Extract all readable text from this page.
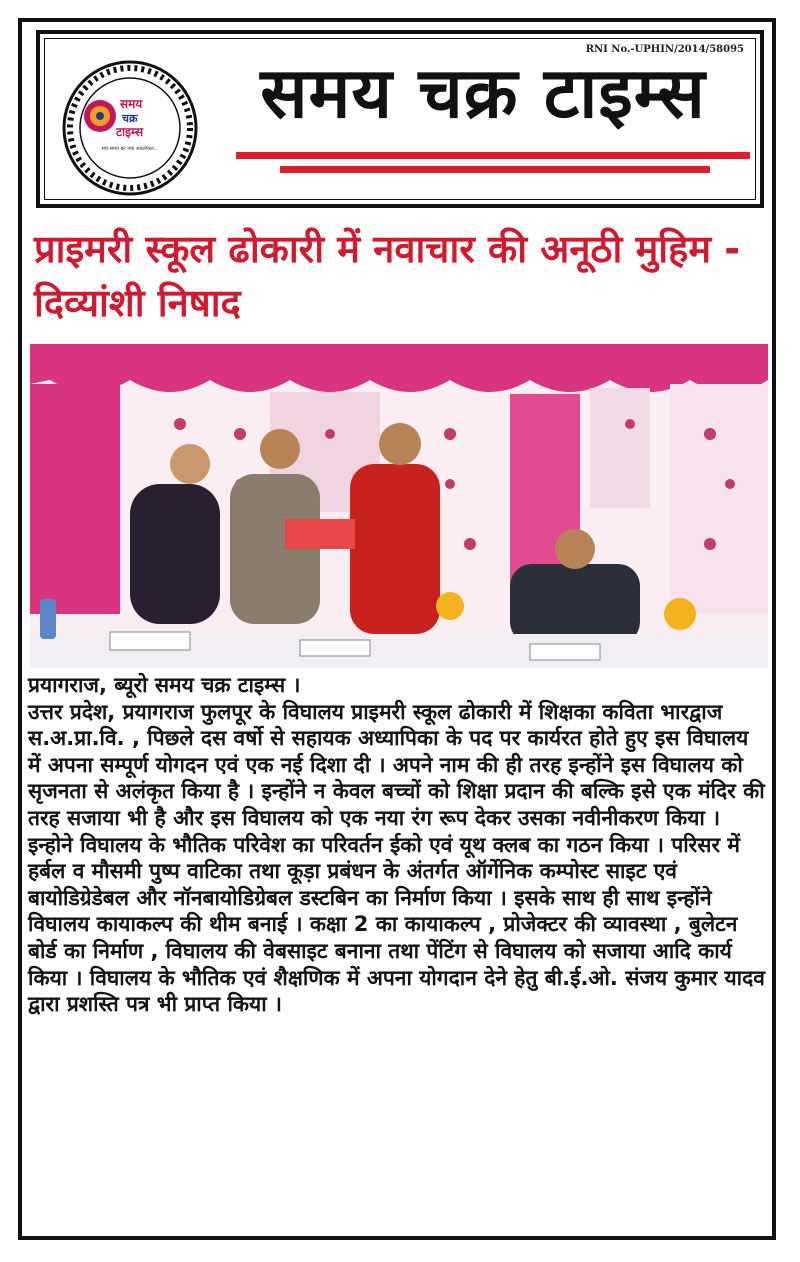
समय
चक्र
टाइम्स
सच समय का नया अवलोकन...
RNI No.-UPHIN/2014/58095
समय चक्र टाइम्स
प्राइमरी स्कूल ढोकारी में नवाचार की अनूठी मुहिम - दिव्यांशी निषाद
प्रयागराज, ब्यूरो समय चक्र टाइम्स ।

उत्तर प्रदेश, प्रयागराज फुलपूर के विघालय प्राइमरी स्कूल ढोकारी में शिक्षका कविता भारद्वाज स.अ.प्रा.वि. , पिछले दस वर्षो से सहायक अध्यापिका के पद पर कार्यरत होते हुए इस विघालय में अपना सम्पूर्ण योगदन एवं एक नई दिशा दी । अपने नाम की ही तरह इन्होंने इस विघालय को सृजनता से अलंकृत किया है । इन्होंने न केवल बच्चों को शिक्षा प्रदान की बल्कि इसे एक मंदिर की तरह सजाया भी है और इस विघालय को एक नया रंग रूप देकर उसका नवीनीकरण किया । इन्होने विघालय के भौतिक परिवेश का परिवर्तन ईको एवं यूथ क्लब का गठन किया । परिसर में हर्बल व मौसमी पुष्प वाटिका तथा कूड़ा प्रबंधन के अंतर्गत ऑर्गेनिक कम्पोस्ट साइट एवं बायोडिग्रेडेबल और नॉनबायोडिग्रेबल डस्टबिन का निर्माण किया । इसके साथ ही साथ इन्होंने विघालय कायाकल्प की थीम बनाई । कक्षा 2 का कायाकल्प , प्रोजेक्टर की व्यावस्था , बुलेटन बोर्ड का निर्माण , विघालय की वेबसाइट बनाना तथा पेंटिंग से विघालय को सजाया आदि कार्य किया । विघालय के भौतिक एवं शैक्षणिक में अपना योगदान देने हेतु बी.ई.ओ. संजय कुमार यादव द्वारा प्रशस्ति पत्र भी प्राप्त किया ।
